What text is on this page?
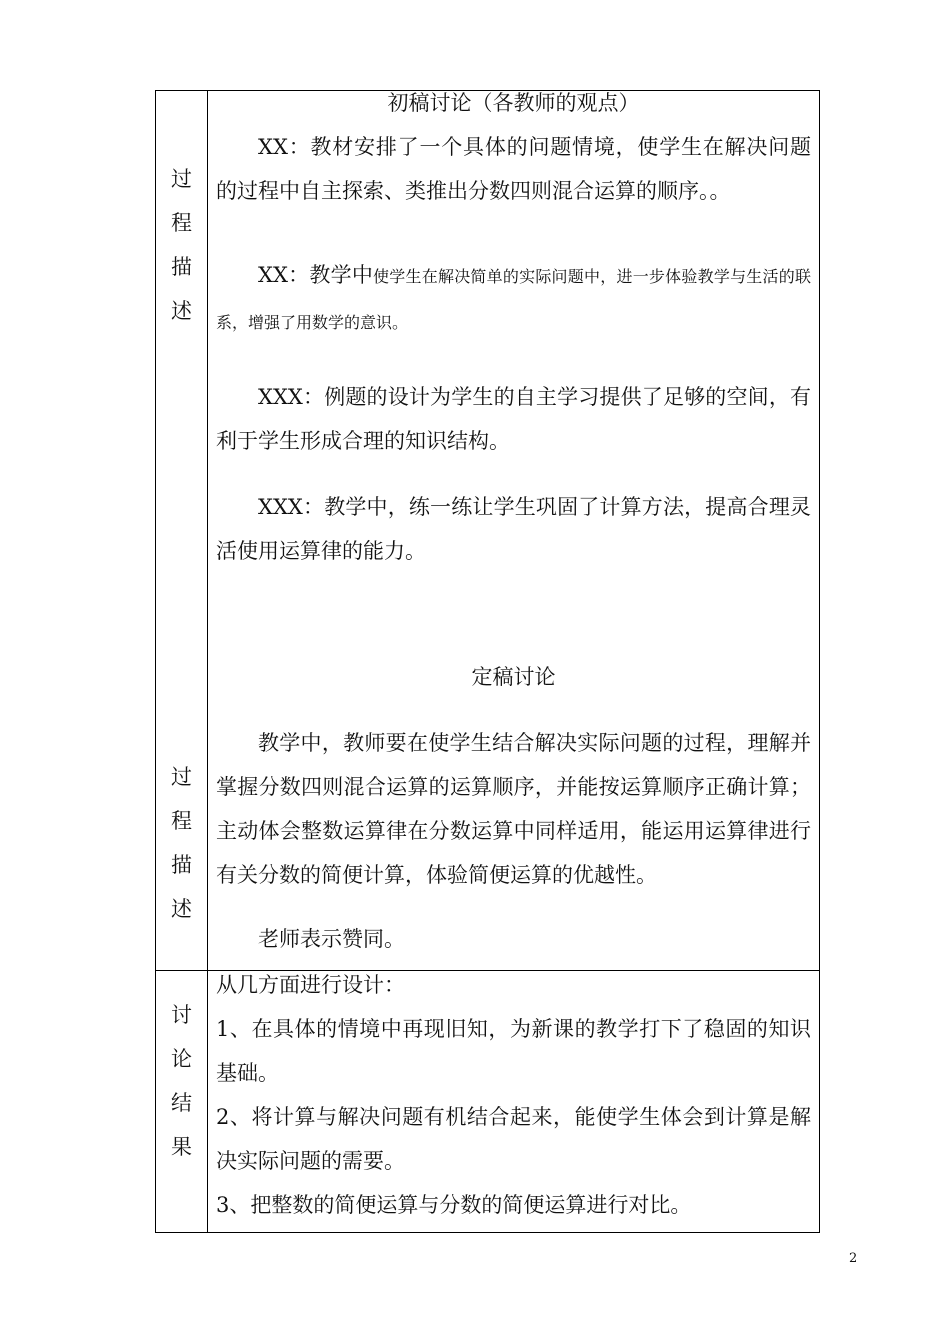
过
程
描
述
过
程
描
述
讨
论
结
果

初稿讨论（各教师的观点）

XX：教材安排了一个具体的问题情境，使学生在解决问题的过程中自主探索、类推出分数四则混合运算的顺序。。

XX：教学中使学生在解决简单的实际问题中，进一步体验教学与生活的联系，增强了用数学的意识。

XXX：例题的设计为学生的自主学习提供了足够的空间，有利于学生形成合理的知识结构。

XXX：教学中，练一练让学生巩固了计算方法，提高合理灵活使用运算律的能力。

定稿讨论

教学中，教师要在使学生结合解决实际问题的过程，理解并掌握分数四则混合运算的运算顺序，并能按运算顺序正确计算；主动体会整数运算律在分数运算中同样适用，能运用运算律进行有关分数的简便计算，体验简便运算的优越性。

老师表示赞同。

从几方面进行设计：

1、在具体的情境中再现旧知，为新课的教学打下了稳固的知识基础。

2、将计算与解决问题有机结合起来，能使学生体会到计算是解决实际问题的需要。

3、把整数的简便运算与分数的简便运算进行对比。

2
